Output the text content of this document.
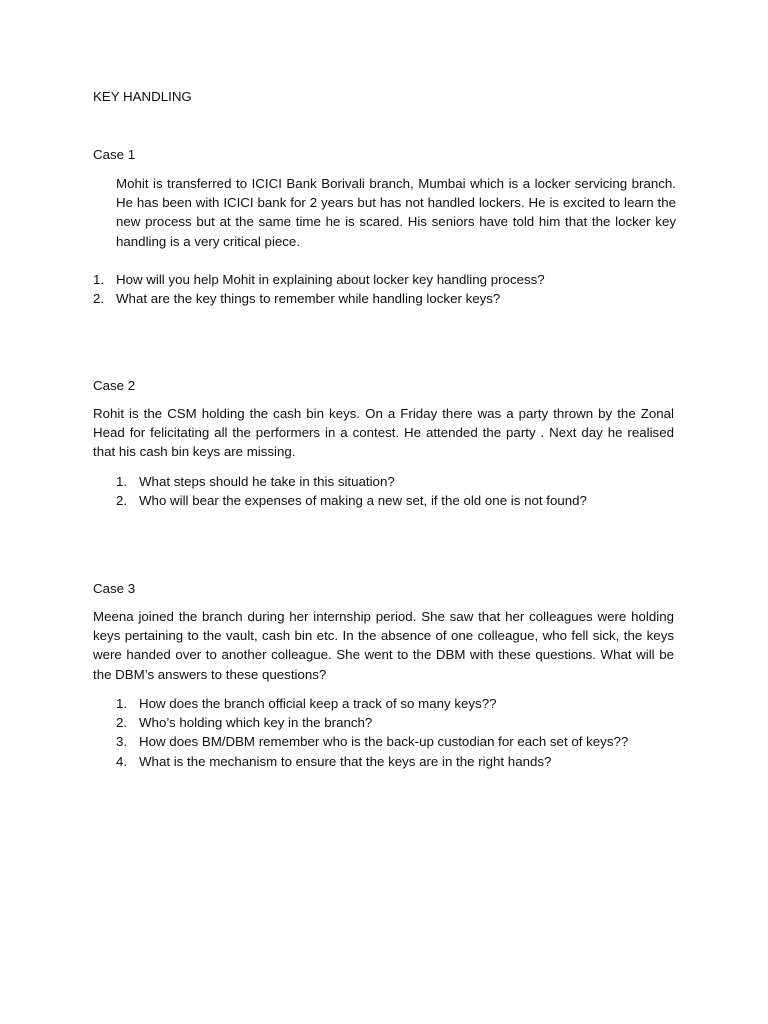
KEY HANDLING

Case 1

Mohit is transferred to ICICI Bank Borivali branch, Mumbai which is a locker servicing branch. He has been with ICICI bank for 2 years but has not handled lockers. He is excited to learn the new process but at the same time he is scared. His seniors have told him that the locker key handling is a very critical piece.

1. How will you help Mohit in explaining about locker key handling process?
2. What are the key things to remember while handling locker keys?

Case 2

Rohit is the CSM holding the cash bin keys. On a Friday there was a party thrown by the Zonal Head for felicitating all the performers in a contest. He attended the party . Next day he realised that his cash bin keys are missing.

1. What steps should he take in this situation?
2. Who will bear the expenses of making a new set, if the old one is not found?

Case 3

Meena joined the branch during her internship period. She saw that her colleagues were holding keys pertaining to the vault, cash bin etc. In the absence of one colleague, who fell sick, the keys were handed over to another colleague. She went to the DBM with these questions. What will be the DBM’s answers to these questions?

1. How does the branch official keep a track of so many keys??
2. Who’s holding which key in the branch?
3. How does BM/DBM remember who is the back-up custodian for each set of keys??
4. What is the mechanism to ensure that the keys are in the right hands?
